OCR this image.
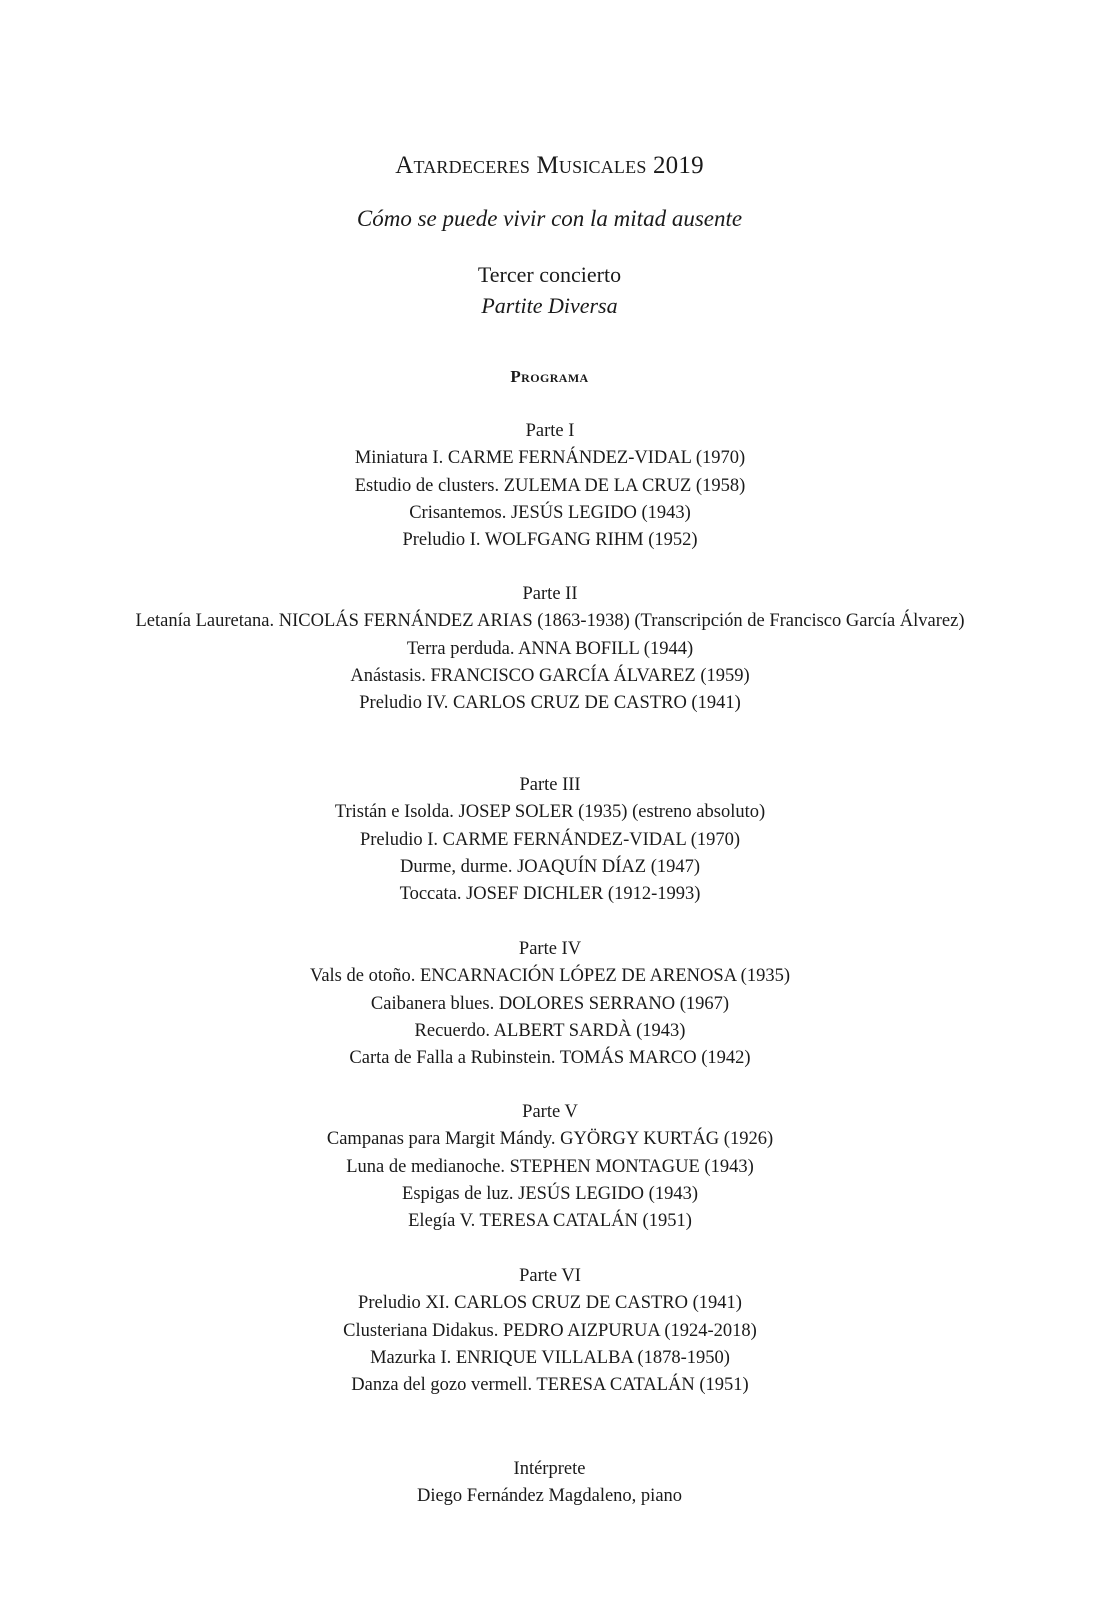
Atardeceres Musicales 2019
Cómo se puede vivir con la mitad ausente
Tercer concierto
Partite Diversa
Programa
Parte I
Miniatura I. CARME FERNÁNDEZ-VIDAL (1970)
Estudio de clusters. ZULEMA DE LA CRUZ (1958)
Crisantemos. JESÚS LEGIDO (1943)
Preludio I. WOLFGANG RIHM (1952)
Parte II
Letanía Lauretana. NICOLÁS FERNÁNDEZ ARIAS (1863-1938) (Transcripción de Francisco García Álvarez)
Terra perduda. ANNA BOFILL (1944)
Anástasis. FRANCISCO GARCÍA ÁLVAREZ (1959)
Preludio IV. CARLOS CRUZ DE CASTRO (1941)
Parte III
Tristán e Isolda. JOSEP SOLER (1935) (estreno absoluto)
Preludio I. CARME FERNÁNDEZ-VIDAL (1970)
Durme, durme. JOAQUÍN DÍAZ (1947)
Toccata. JOSEF DICHLER (1912-1993)
Parte IV
Vals de otoño. ENCARNACIÓN LÓPEZ DE ARENOSA (1935)
Caibanera blues. DOLORES SERRANO (1967)
Recuerdo. ALBERT SARDÀ (1943)
Carta de Falla a Rubinstein. TOMÁS MARCO (1942)
Parte V
Campanas para Margit Mándy. GYÖRGY KURTÁG (1926)
Luna de medianoche. STEPHEN MONTAGUE (1943)
Espigas de luz. JESÚS LEGIDO (1943)
Elegía V. TERESA CATALÁN (1951)
Parte VI
Preludio XI. CARLOS CRUZ DE CASTRO (1941)
Clusteriana Didakus. PEDRO AIZPURUA (1924-2018)
Mazurka I. ENRIQUE VILLALBA (1878-1950)
Danza del gozo vermell. TERESA CATALÁN (1951)
Intérprete
Diego Fernández Magdaleno, piano
